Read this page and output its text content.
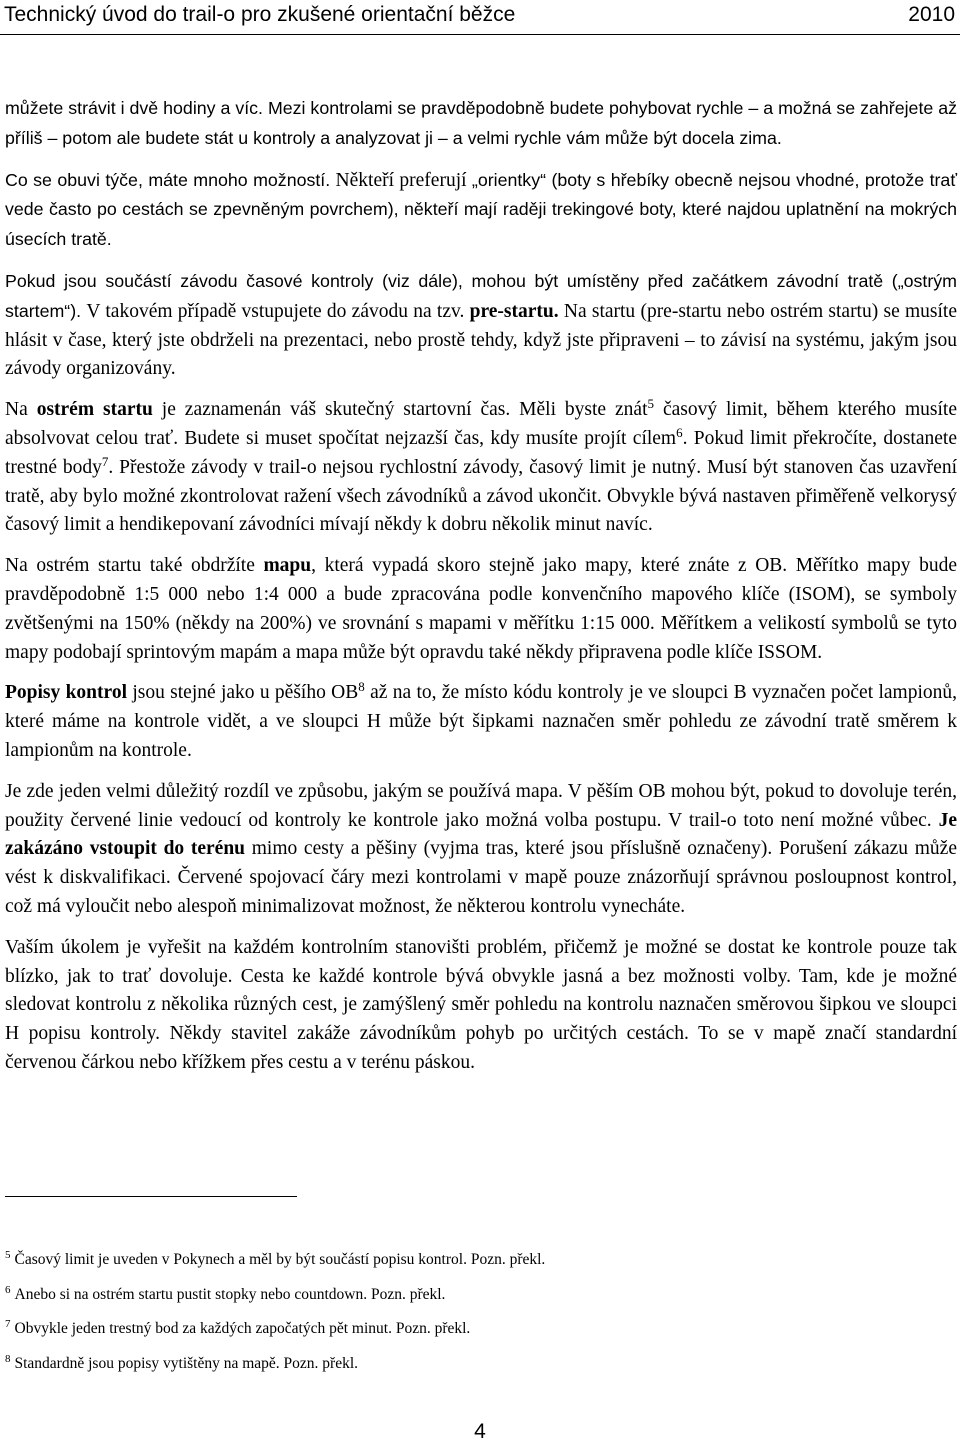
Technický úvod do trail-o pro zkušené orientační běžce	2010

můžete strávit i dvě hodiny a víc. Mezi kontrolami se pravděpodobně budete pohybovat rychle – a možná se zahřejete až příliš – potom ale budete stát u kontroly a analyzovat ji – a velmi rychle vám může být docela zima.

Co se obuvi týče, máte mnoho možností. Někteří preferují „orientky“ (boty s hřebíky obecně nejsou vhodné, protože trať vede často po cestách se zpevněným povrchem), někteří mají raději trekingové boty, které najdou uplatnění na mokrých úsecích tratě.

Pokud jsou součástí závodu časové kontroly (viz dále), mohou být umístěny před začátkem závodní tratě („ostrým startem“). V takovém případě vstupujete do závodu na tzv. pre-startu. Na startu (pre-startu nebo ostrém startu) se musíte hlásit v čase, který jste obdrželi na prezentaci, nebo prostě tehdy, když jste připraveni – to závisí na systému, jakým jsou závody organizovány.

Na ostrém startu je zaznamenán váš skutečný startovní čas. Měli byste znát$^5$ časový limit, během kterého musíte absolvovat celou trať. Budete si muset spočítat nejzazší čas, kdy musíte projít cílem$^6$. Pokud limit překročíte, dostanete trestné body$^7$. Přestože závody v trail-o nejsou rychlostní závody, časový limit je nutný. Musí být stanoven čas uzavření tratě, aby bylo možné zkontrolovat ražení všech závodníků a závod ukončit. Obvykle bývá nastaven přiměřeně velkorysý časový limit a hendikepovaní závodníci mívají někdy k dobru několik minut navíc.

Na ostrém startu také obdržíte mapu, která vypadá skoro stejně jako mapy, které znáte z OB. Měřítko mapy bude pravděpodobně 1:5 000 nebo 1:4 000 a bude zpracována podle konvenčního mapového klíče (ISOM), se symboly zvětšenými na 150% (někdy na 200%) ve srovnání s mapami v měřítku 1:15 000. Měřítkem a velikostí symbolů se tyto mapy podobají sprintovým mapám a mapa může být opravdu také někdy připravena podle klíče ISSOM.

Popisy kontrol jsou stejné jako u pěšího $OB^8$ až na to, že místo kódu kontroly je ve sloupci B vyznačen počet lampionů, které máme na kontrole vidět, a ve sloupci H může být šipkami naznačen směr pohledu ze závodní tratě směrem k lampionům na kontrole.

Je zde jeden velmi důležitý rozdíl ve způsobu, jakým se používá mapa. V pěším OB mohou být, pokud to dovoluje terén, použity červené linie vedoucí od kontroly ke kontrole jako možná volba postupu. V trail-o toto není možné vůbec. Je zakázáno vstoupit do terénu mimo cesty a pěšiny (vyjma tras, které jsou příslušně označeny). Porušení zákazu může vést k diskvalifikaci. Červené spojovací čáry mezi kontrolami v mapě pouze znázorňují správnou posloupnost kontrol, což má vyloučit nebo alespoň minimalizovat možnost, že některou kontrolu vynecháte.

Vaším úkolem je vyřešit na každém kontrolním stanovišti problém, přičemž je možné se dostat ke kontrole pouze tak blízko, jak to trať dovoluje. Cesta ke každé kontrole bývá obvykle jasná a bez možnosti volby. Tam, kde je možné sledovat kontrolu z několika různých cest, je zamýšlený směr pohledu na kontrolu naznačen směrovou šipkou ve sloupci H popisu kontroly. Někdy stavitel zakáže závodníkům pohyb po určitých cestách. To se v mapě značí standardní červenou čárkou nebo křížkem přes cestu a v terénu páskou.

$^5$ Časový limit je uveden v Pokynech a měl by být součástí popisu kontrol. Pozn. překl.
$^6$ Anebo si na ostrém startu pustit stopky nebo countdown. Pozn. překl.
$^7$ Obvykle jeden trestný bod za každých započatých pět minut. Pozn. překl.
$^8$ Standardně jsou popisy vytištěny na mapě. Pozn. překl.
4
